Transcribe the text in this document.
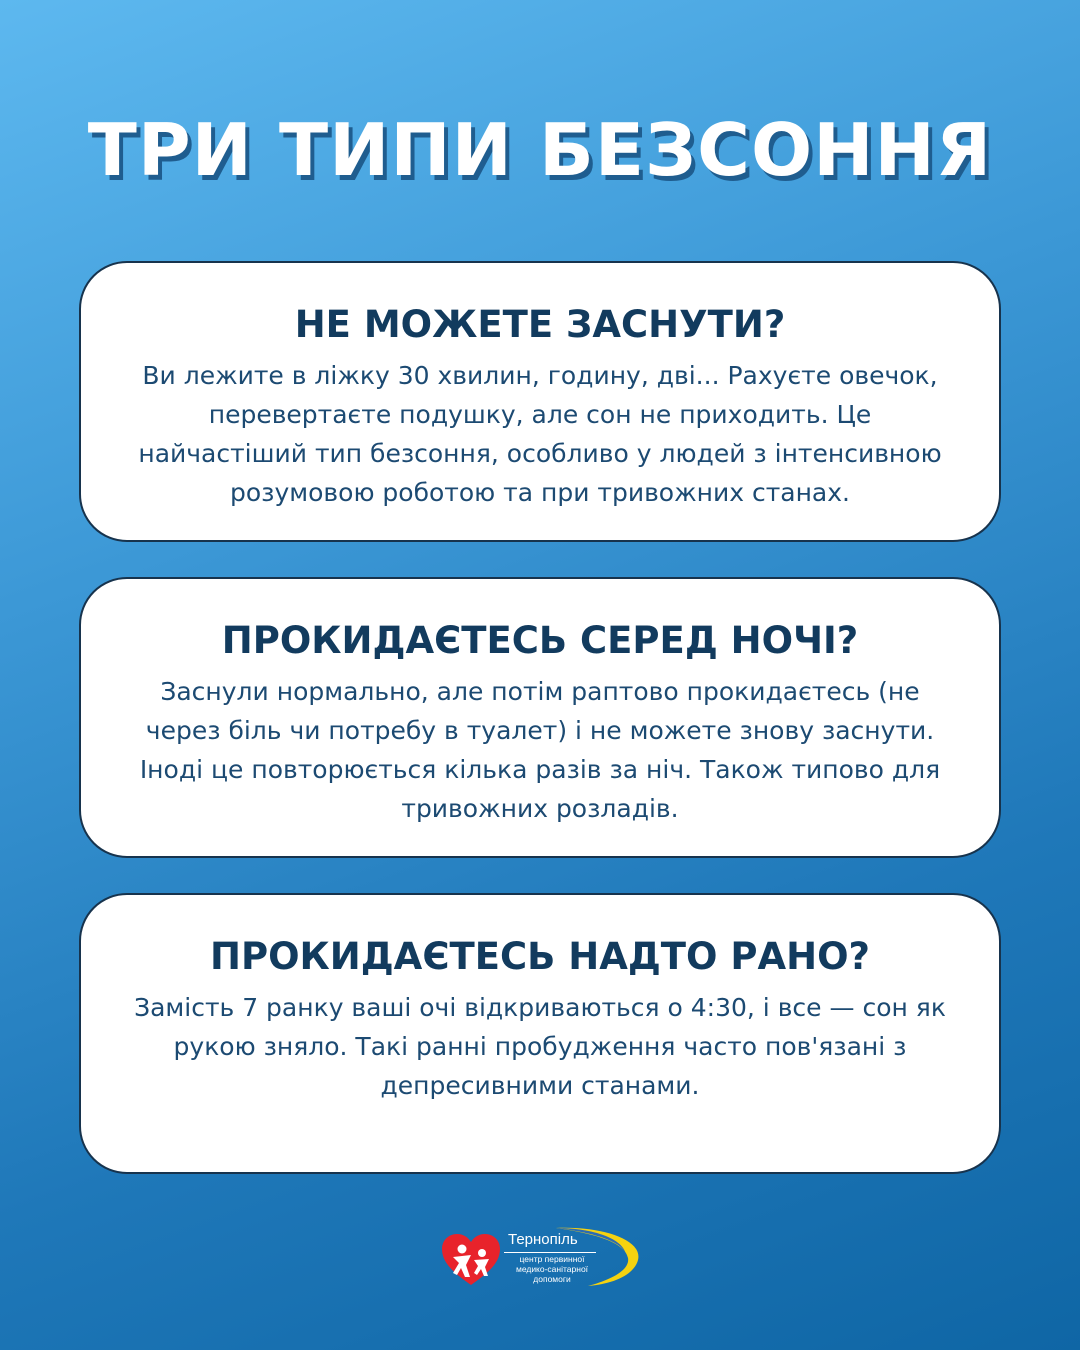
ТРИ ТИПИ БЕЗСОННЯ
НЕ МОЖЕТЕ ЗАСНУТИ?
Ви лежите в ліжку 30 хвилин, годину, дві... Рахуєте овечок,
перевертаєте подушку, але сон не приходить. Це
найчастіший тип безсоння, особливо у людей з інтенсивною
розумовою роботою та при тривожних станах.
ПРОКИДАЄТЕСЬ СЕРЕД НОЧІ?
Заснули нормально, але потім раптово прокидаєтесь (не
через біль чи потребу в туалет) і не можете знову заснути.
Іноді це повторюється кілька разів за ніч. Також типово для
тривожних розладів.
ПРОКИДАЄТЕСЬ НАДТО РАНО?
Замість 7 ранку ваші очі відкриваються о 4:30, і все — сон як
рукою зняло. Такі ранні пробудження часто пов'язані з
депресивними станами.
Тернопіль
центр первинної
медико-санітарної
допомоги
